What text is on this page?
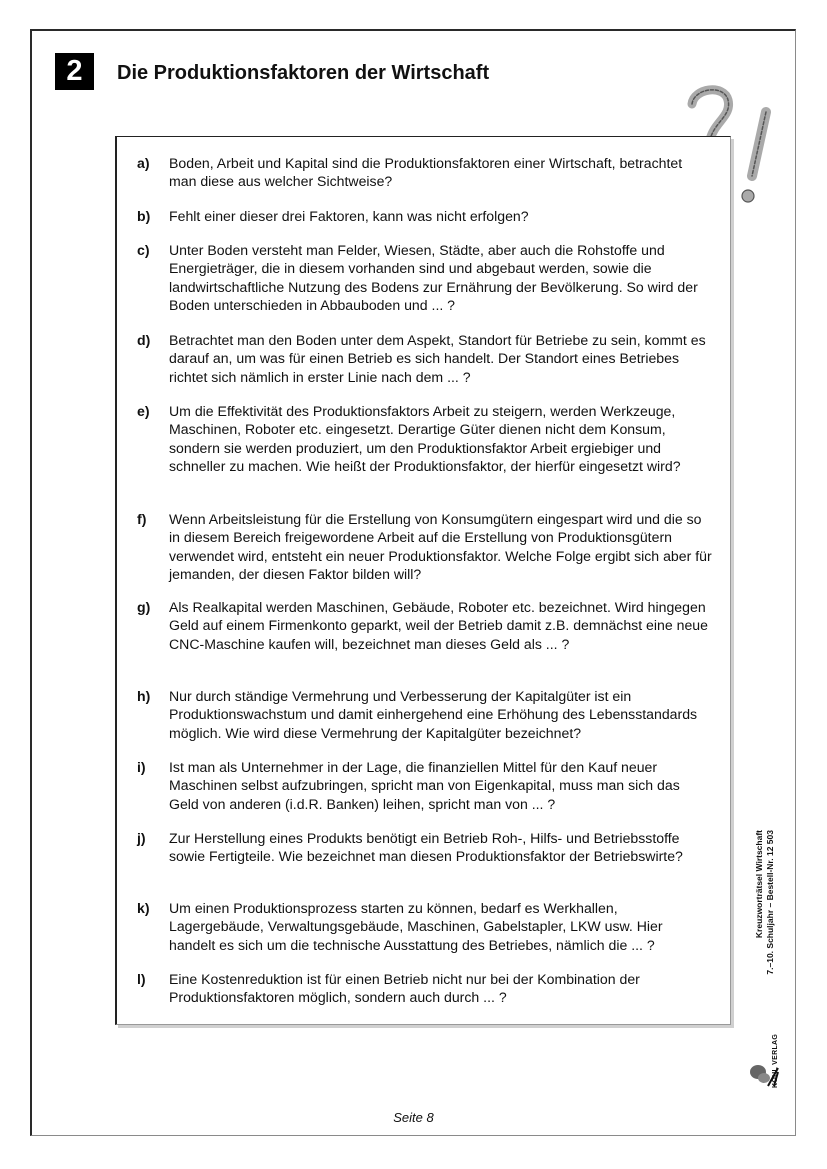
2 Die Produktionsfaktoren der Wirtschaft
a) Boden, Arbeit und Kapital sind die Produktionsfaktoren einer Wirtschaft, betrachtet man diese aus welcher Sichtweise?
b) Fehlt einer dieser drei Faktoren, kann was nicht erfolgen?
c) Unter Boden versteht man Felder, Wiesen, Städte, aber auch die Rohstoffe und Energieträger, die in diesem vorhanden sind und abgebaut werden, sowie die landwirtschaftliche Nutzung des Bodens zur Ernährung der Bevölkerung. So wird der Boden unterschieden in Abbauboden und ... ?
d) Betrachtet man den Boden unter dem Aspekt, Standort für Betriebe zu sein, kommt es darauf an, um was für einen Betrieb es sich handelt. Der Standort eines Betriebes richtet sich nämlich in erster Linie nach dem ... ?
e) Um die Effektivität des Produktionsfaktors Arbeit zu steigern, werden Werkzeuge, Maschinen, Roboter etc. eingesetzt. Derartige Güter dienen nicht dem Konsum, sondern sie werden produziert, um den Produktionsfaktor Arbeit ergiebiger und schneller zu machen. Wie heißt der Produktionsfaktor, der hierfür eingesetzt wird?
f) Wenn Arbeitsleistung für die Erstellung von Konsumgütern eingespart wird und die so in diesem Bereich freigewordene Arbeit auf die Erstellung von Produktionsgütern verwendet wird, entsteht ein neuer Produktionsfaktor. Welche Folge ergibt sich aber für jemanden, der diesen Faktor bilden will?
g) Als Realkapital werden Maschinen, Gebäude, Roboter etc. bezeichnet. Wird hingegen Geld auf einem Firmenkonto geparkt, weil der Betrieb damit z.B. demnächst eine neue CNC-Maschine kaufen will, bezeichnet man dieses Geld als ... ?
h) Nur durch ständige Vermehrung und Verbesserung der Kapitalgüter ist ein Produktionswachstum und damit einhergehend eine Erhöhung des Lebensstandards möglich. Wie wird diese Vermehrung der Kapitalgüter bezeichnet?
i) Ist man als Unternehmer in der Lage, die finanziellen Mittel für den Kauf neuer Maschinen selbst aufzubringen, spricht man von Eigenkapital, muss man sich das Geld von anderen (i.d.R. Banken) leihen, spricht man von ... ?
j) Zur Herstellung eines Produkts benötigt ein Betrieb Roh-, Hilfs- und Betriebsstoffe sowie Fertigteile. Wie bezeichnet man diesen Produktionsfaktor der Betriebswirte?
k) Um einen Produktionsprozess starten zu können, bedarf es Werkhallen, Lagergebäude, Verwaltungsgebäude, Maschinen, Gabelstapler, LKW usw. Hier handelt es sich um die technische Ausstattung des Betriebes, nämlich die ... ?
l) Eine Kostenreduktion ist für einen Betrieb nicht nur bei der Kombination der Produktionsfaktoren möglich, sondern auch durch ... ?
Kreuzworträtsel Wirtschaft 7.–10. Schuljahr – Bestell-Nr. 12 503
KOHL VERLAG
Seite 8
